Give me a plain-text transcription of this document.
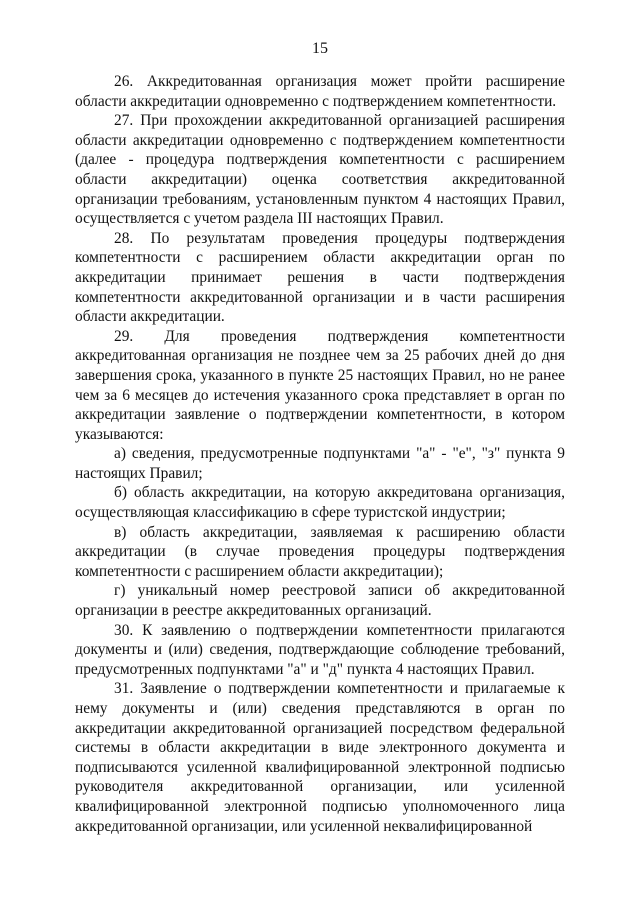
15

26. Аккредитованная организация может пройти расширение области аккредитации одновременно с подтверждением компетентности.

27. При прохождении аккредитованной организацией расширения области аккредитации одновременно с подтверждением компетентности (далее - процедура подтверждения компетентности с расширением области аккредитации) оценка соответствия аккредитованной организации требованиям, установленным пунктом 4 настоящих Правил, осуществляется с учетом раздела III настоящих Правил.

28. По результатам проведения процедуры подтверждения компетентности с расширением области аккредитации орган по аккредитации принимает решения в части подтверждения компетентности аккредитованной организации и в части расширения области аккредитации.

29. Для проведения подтверждения компетентности аккредитованная организация не позднее чем за 25 рабочих дней до дня завершения срока, указанного в пункте 25 настоящих Правил, но не ранее чем за 6 месяцев до истечения указанного срока представляет в орган по аккредитации заявление о подтверждении компетентности, в котором указываются:

а) сведения, предусмотренные подпунктами "а" - "е", "з" пункта 9 настоящих Правил;

б) область аккредитации, на которую аккредитована организация, осуществляющая классификацию в сфере туристской индустрии;

в) область аккредитации, заявляемая к расширению области аккредитации (в случае проведения процедуры подтверждения компетентности с расширением области аккредитации);

г) уникальный номер реестровой записи об аккредитованной организации в реестре аккредитованных организаций.

30. К заявлению о подтверждении компетентности прилагаются документы и (или) сведения, подтверждающие соблюдение требований, предусмотренных подпунктами "а" и "д" пункта 4 настоящих Правил.

31. Заявление о подтверждении компетентности и прилагаемые к нему документы и (или) сведения представляются в орган по аккредитации аккредитованной организацией посредством федеральной системы в области аккредитации в виде электронного документа и подписываются усиленной квалифицированной электронной подписью руководителя аккредитованной организации, или усиленной квалифицированной электронной подписью уполномоченного лица аккредитованной организации, или усиленной неквалифицированной
